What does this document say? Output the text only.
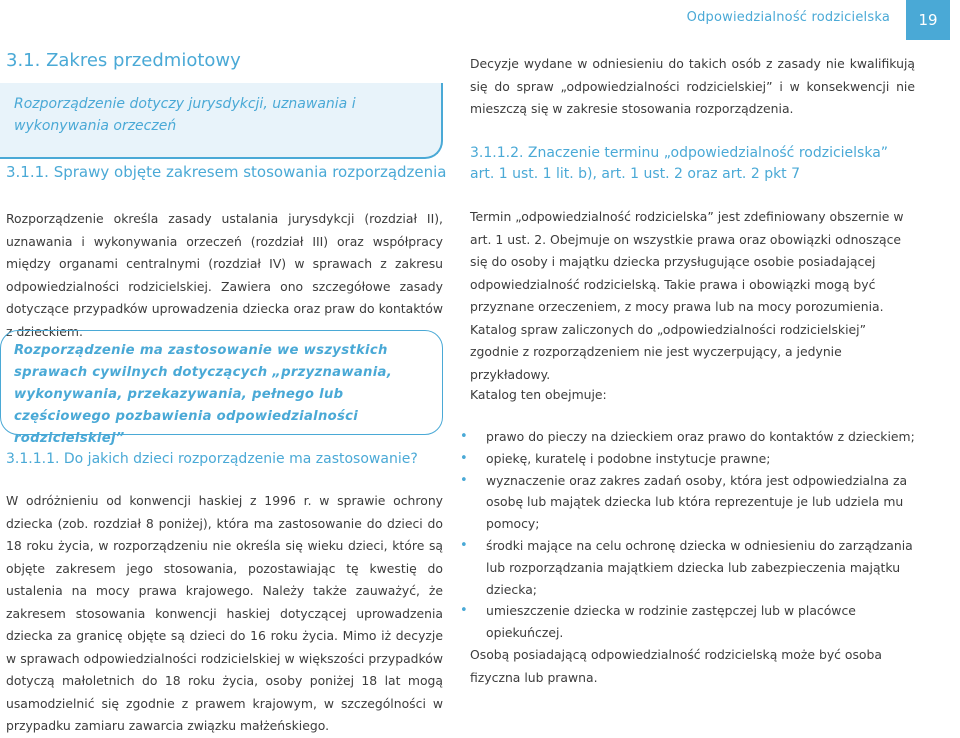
Odpowiedzialność rodzicielska	19
3.1. Zakres przedmiotowy
Rozporządzenie dotyczy jurysdykcji, uznawania i wykonywania orzeczeń
3.1.1. Sprawy objęte zakresem stosowania rozporządzenia
Rozporządzenie określa zasady ustalania jurysdykcji (rozdział II), uznawania i wykonywania orzeczeń (rozdział III) oraz współpracy między organami centralnymi (rozdział IV) w sprawach z zakresu odpowiedzialności rodzicielskiej. Zawiera ono szczegółowe zasady dotyczące przypadków uprowadzenia dziecka oraz praw do kontaktów z dzieckiem.
Rozporządzenie ma zastosowanie we wszystkich sprawach cywilnych dotyczących „przyznawania, wykonywania, przekazywania, pełnego lub częściowego pozbawienia odpowiedzialności rodzicielskiej”
3.1.1.1. Do jakich dzieci rozporządzenie ma zastosowanie?
W odróżnieniu od konwencji haskiej z 1996 r. w sprawie ochrony dziecka (zob. rozdział 8 poniżej), która ma zastosowanie do dzieci do 18 roku życia, w rozporządzeniu nie określa się wieku dzieci, które są objęte zakresem jego stosowania, pozostawiając tę kwestię do ustalenia na mocy prawa krajowego. Należy także zauważyć, że zakresem stosowania konwencji haskiej dotyczącej uprowadzenia dziecka za granicę objęte są dzieci do 16 roku życia. Mimo iż decyzje w sprawach odpowiedzialności rodzicielskiej w większości przypadków dotyczą małoletnich do 18 roku życia, osoby poniżej 18 lat mogą usamodzielnić się zgodnie z prawem krajowym, w szczególności w przypadku zamiaru zawarcia związku małżeńskiego.
Decyzje wydane w odniesieniu do takich osób z zasady nie kwalifikują się do spraw „odpowiedzialności rodzicielskiej” i w konsekwencji nie mieszczą się w zakresie stosowania rozporządzenia.
3.1.1.2. Znaczenie terminu „odpowiedzialność rodzicielska” art. 1 ust. 1 lit. b), art. 1 ust. 2 oraz art. 2 pkt 7
Termin „odpowiedzialność rodzicielska” jest zdefiniowany obszernie w art. 1 ust. 2. Obejmuje on wszystkie prawa oraz obowiązki odnoszące się do osoby i majątku dziecka przysługujące osobie posiadającej odpowiedzialność rodzicielską. Takie prawa i obowiązki mogą być przyznane orzeczeniem, z mocy prawa lub na mocy porozumienia. Katalog spraw zaliczonych do „odpowiedzialności rodzicielskiej” zgodnie z rozporządzeniem nie jest wyczerpujący, a jedynie przykładowy.
Katalog ten obejmuje:
• prawo do pieczy na dzieckiem oraz prawo do kontaktów z dzieckiem;
• opiekę, kuratelę i podobne instytucje prawne;
• wyznaczenie oraz zakres zadań osoby, która jest odpowiedzialna za osobę lub majątek dziecka lub która reprezentuje je lub udziela mu pomocy;
• środki mające na celu ochronę dziecka w odniesieniu do zarządzania lub rozporządzania majątkiem dziecka lub zabezpieczenia majątku dziecka;
• umieszczenie dziecka w rodzinie zastępczej lub w placówce opiekuńczej.
Osobą posiadającą odpowiedzialność rodzicielską może być osoba fizyczna lub prawna.
